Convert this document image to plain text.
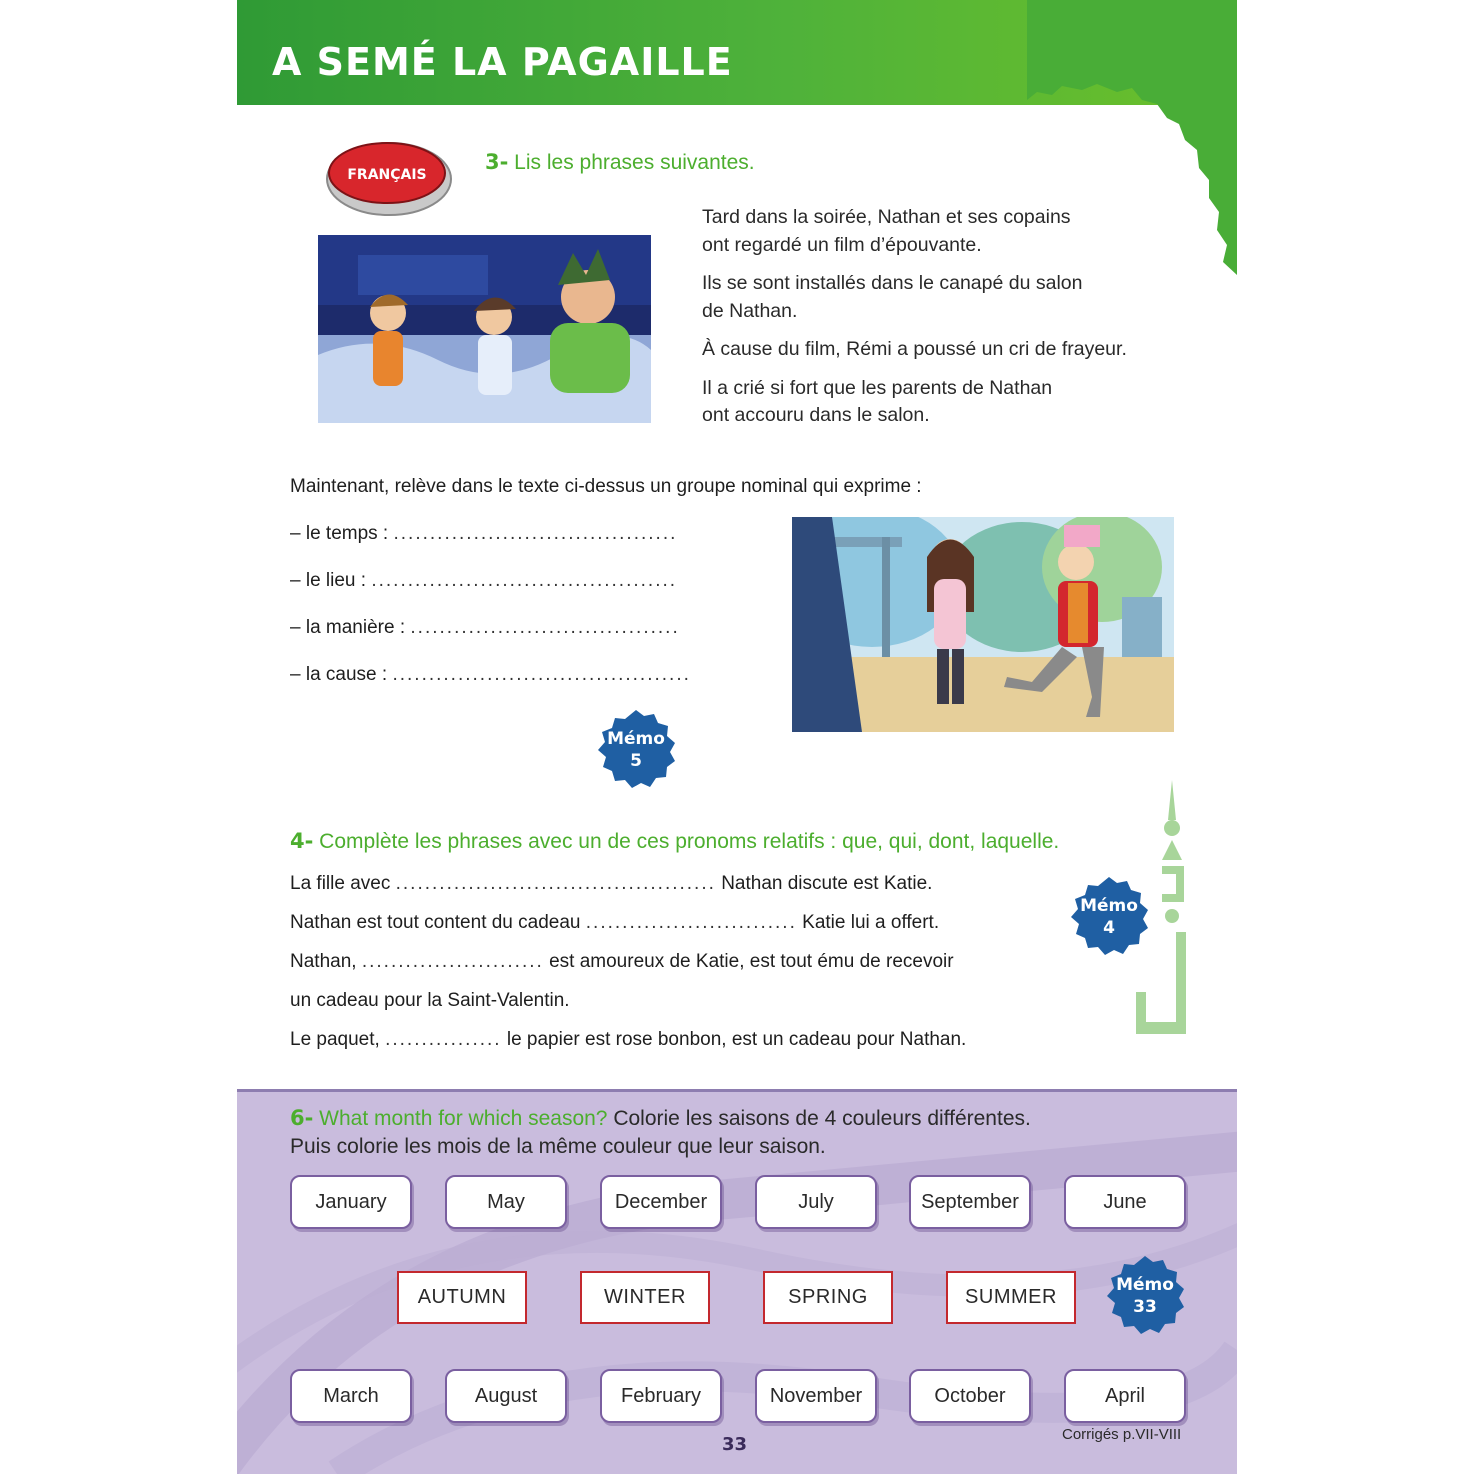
A SEMÉ LA PAGAILLE
FRANÇAIS
3- Lis les phrases suivantes.

Tard dans la soirée, Nathan et ses copains
ont regardé un film d’épouvante.

Ils se sont installés dans le canapé du salon
de Nathan.

À cause du film, Rémi a poussé un cri de frayeur.

Il a crié si fort que les parents de Nathan
ont accouru dans le salon.

Maintenant, relève dans le texte ci-dessus un groupe nominal qui exprime :
– le temps : .......................................
– le lieu : ..........................................
– la manière : .....................................
– la cause : .........................................
Mémo
5
4- Complète les phrases avec un de ces pronoms relatifs : que, qui, dont, laquelle.
La fille avec ............................................ Nathan discute est Katie.
Nathan est tout content du cadeau ............................. Katie lui a offert.
Nathan, ......................... est amoureux de Katie, est tout ému de recevoir
un cadeau pour la Saint-Valentin.
Le paquet, ................ le papier est rose bonbon, est un cadeau pour Nathan.
Mémo
4
6- What month for which season? Colorie les saisons de 4 couleurs différentes.
Puis colorie les mois de la même couleur que leur saison.
January	May	December	July	September	June
AUTUMN	WINTER	SPRING	SUMMER
Mémo
33
March	August	February	November	October	April
33	Corrigés p.VII-VIII
